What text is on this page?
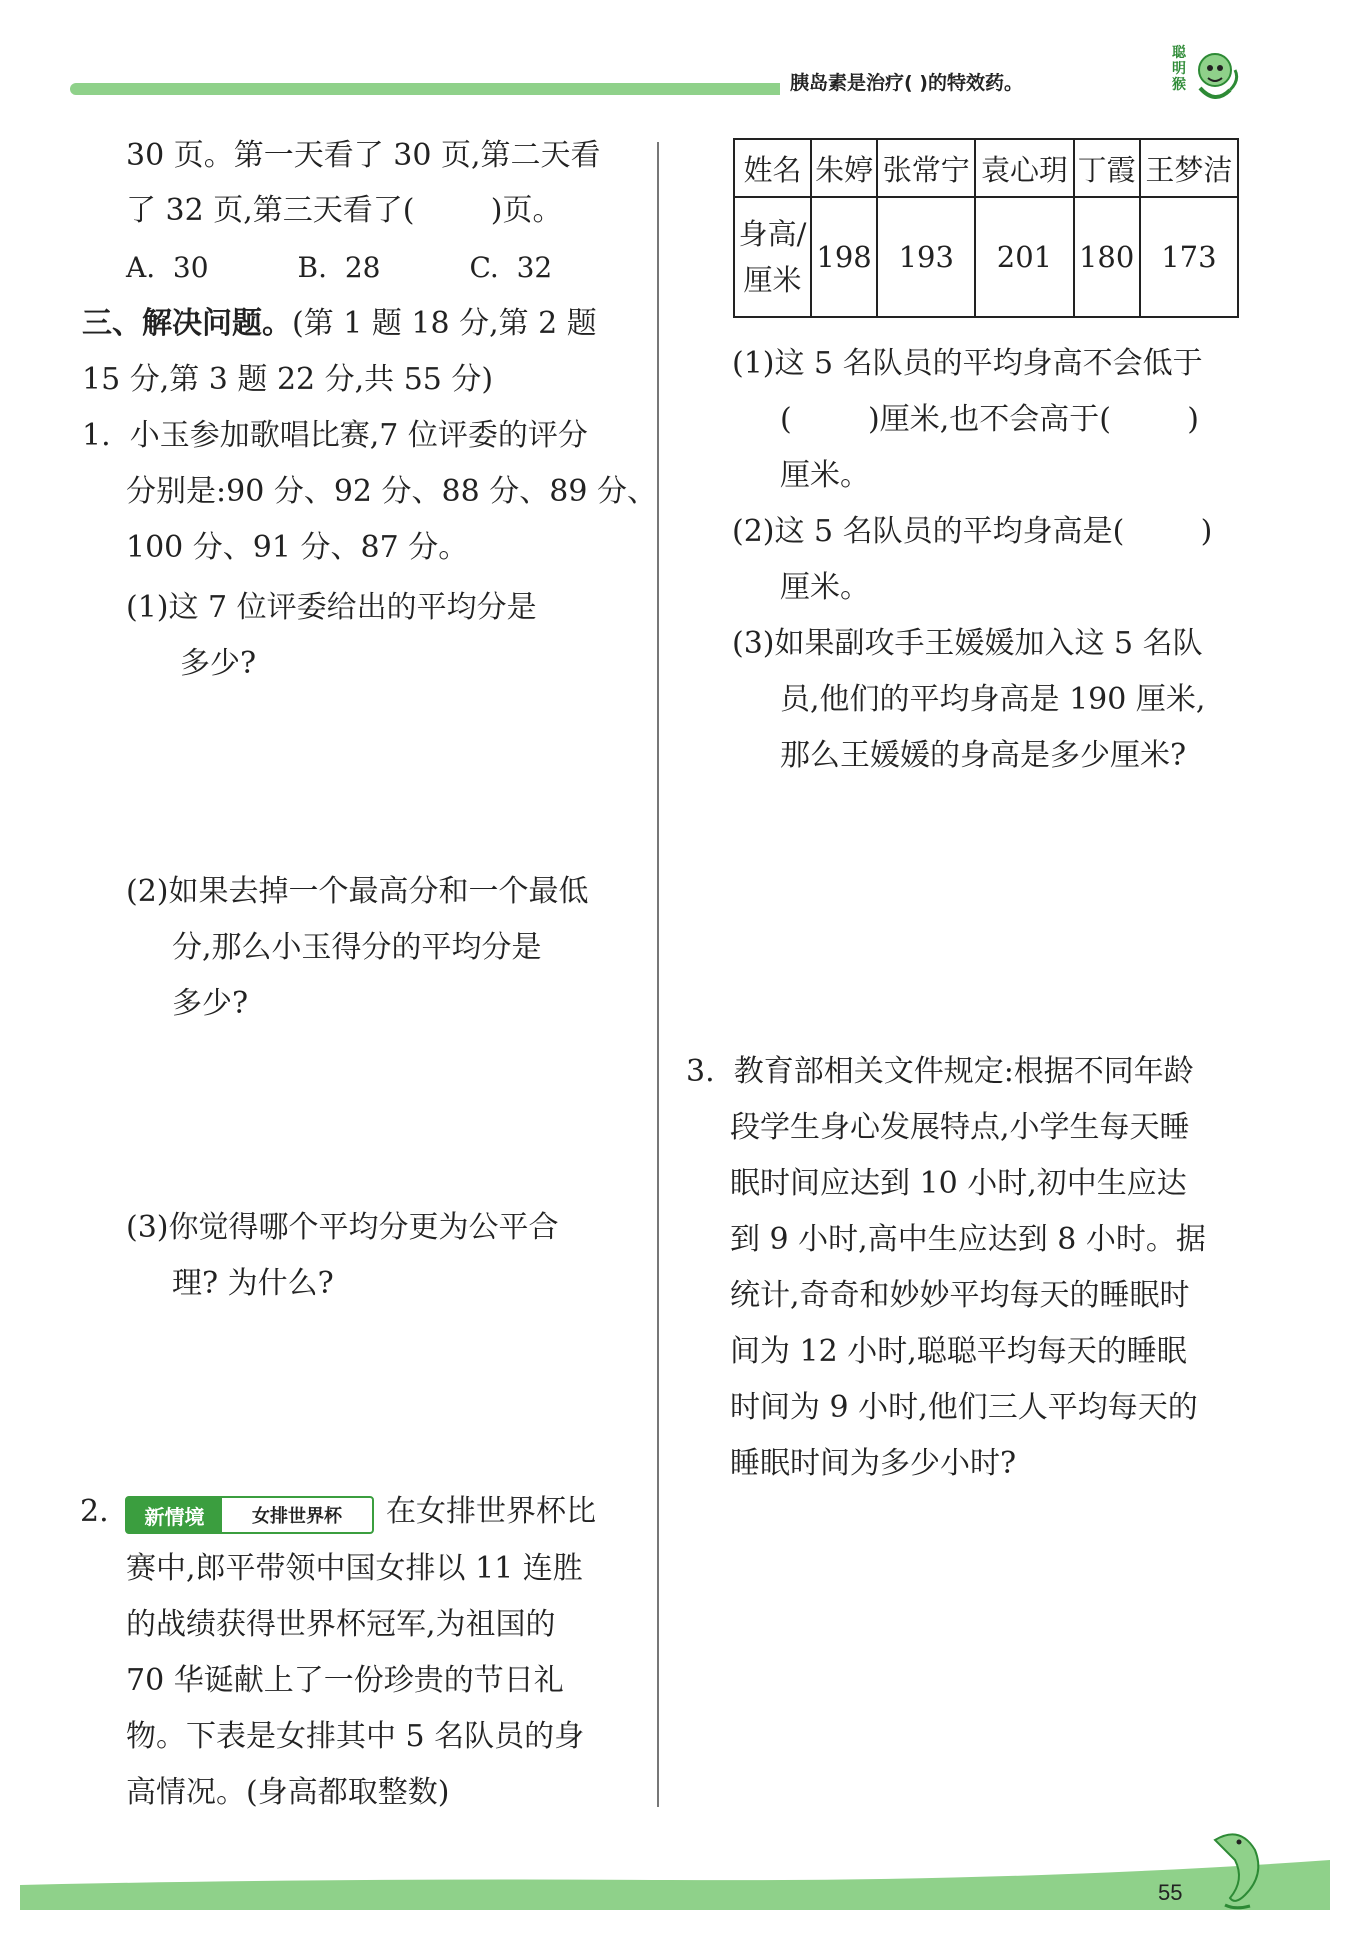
胰岛素是治疗( )的特效药。
聪明猴
30 页。第一天看了 30 页,第二天看
了 32 页,第三天看了(        )页。
A.  30          B.  28          C.  32
三、解决问题。(第 1 题 18 分,第 2 题
15 分,第 3 题 22 分,共 55 分)
1.  小玉参加歌唱比赛,7 位评委的评分
分别是:90 分、92 分、88 分、89 分、
100 分、91 分、87 分。
(1)这 7 位评委给出的平均分是
多少?
(2)如果去掉一个最高分和一个最低
分,那么小玉得分的平均分是
多少?
(3)你觉得哪个平均分更为公平合
理? 为什么?
2.	新情境	女排世界杯	在女排世界杯比
赛中,郎平带领中国女排以 11 连胜
的战绩获得世界杯冠军,为祖国的
70 华诞献上了一份珍贵的节日礼
物。下表是女排其中 5 名队员的身
高情况。(身高都取整数)
姓名	朱婷	张常宁	袁心玥	丁霞	王梦洁

身高/
厘米	198	193	201	180	173
(1)这 5 名队员的平均身高不会低于
(        )厘米,也不会高于(        )
厘米。
(2)这 5 名队员的平均身高是(        )
厘米。
(3)如果副攻手王媛媛加入这 5 名队
员,他们的平均身高是 190 厘米,
那么王媛媛的身高是多少厘米?
3.  教育部相关文件规定:根据不同年龄
段学生身心发展特点,小学生每天睡
眠时间应达到 10 小时,初中生应达
到 9 小时,高中生应达到 8 小时。据
统计,奇奇和妙妙平均每天的睡眠时
间为 12 小时,聪聪平均每天的睡眠
时间为 9 小时,他们三人平均每天的
睡眠时间为多少小时?
55
